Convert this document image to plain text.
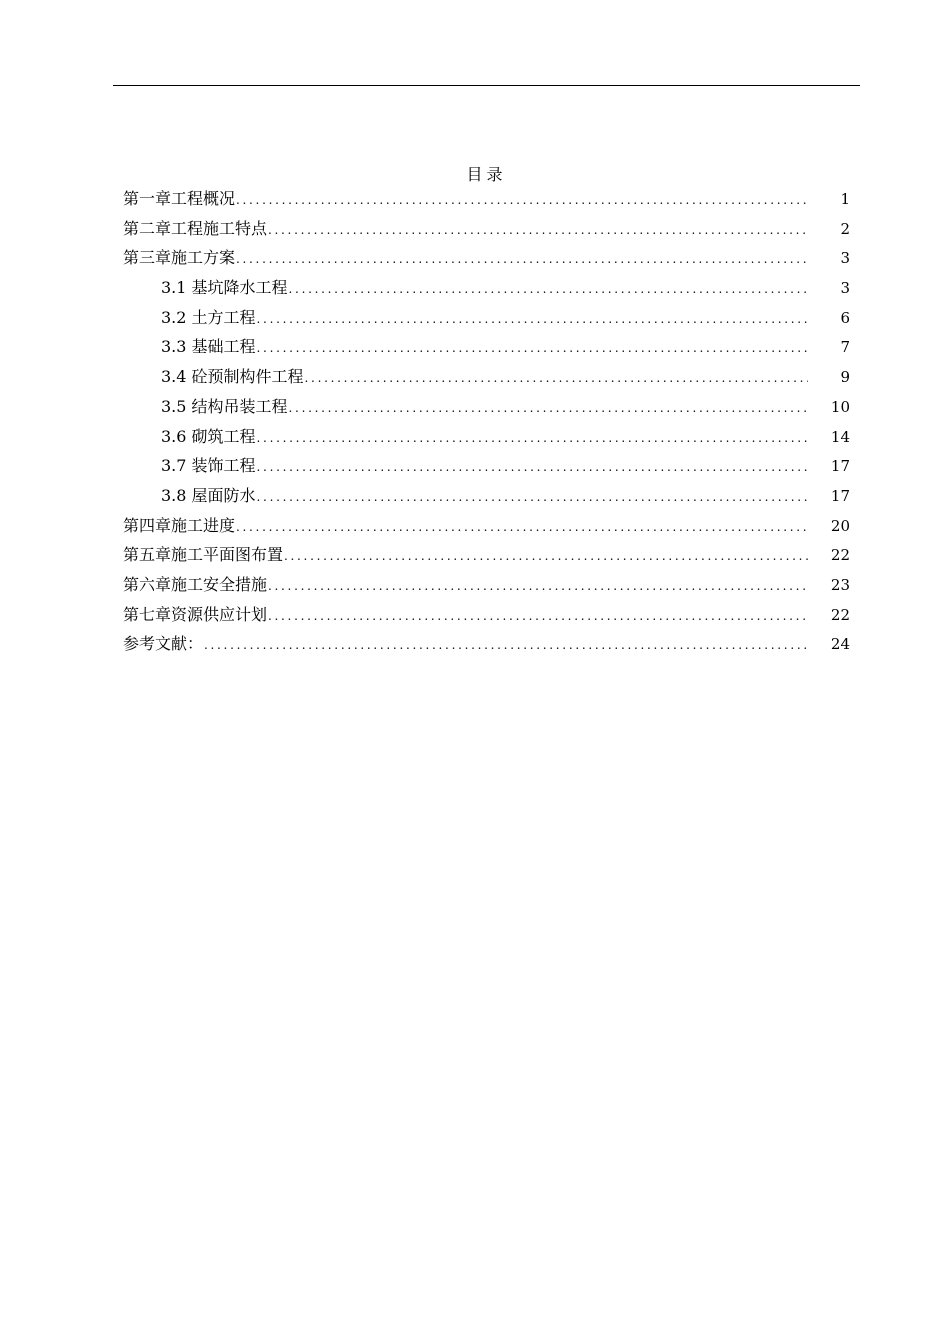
目录
第一章工程概况 .....	1
第二章工程施工特点 .....	2
第三章施工方案 .....	3
3.1 基坑降水工程 .....	3
3.2 土方工程 .....	6
3.3 基础工程 .....	7
3.4 砼预制构件工程 .....	9
3.5 结构吊装工程 .....	10
3.6 砌筑工程 .....	14
3.7 装饰工程 .....	17
3.8 屋面防水 .....	17
第四章施工进度 .....	20
第五章施工平面图布置 .....	22
第六章施工安全措施 .....	23
第七章资源供应计划 .....	22
参考文献： .....	24
